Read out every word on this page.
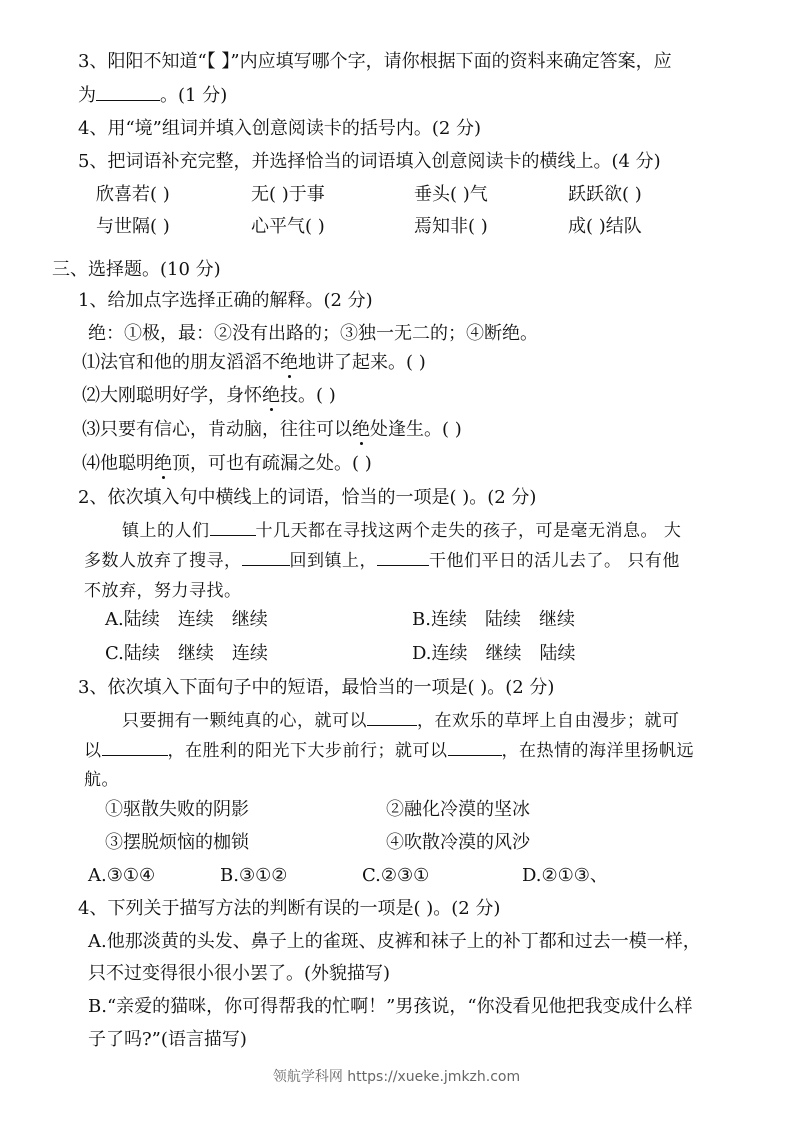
3、阳阳不知道“【 】”内应填写哪个字，请你根据下面的资料来确定答案，应
为	。(1 分)
4、用“境”组词并填入创意阅读卡的括号内。(2 分)
5、把词语补充完整，并选择恰当的词语填入创意阅读卡的横线上。(4 分)
欣喜若( )	无( )于事	垂头( )气	跃跃欲( )
与世隔( )	心平气( )	焉知非( )	成( )结队
三、选择题。(10 分)
1、给加点字选择正确的解释。(2 分)
绝：①极，最：②没有出路的；③独一无二的；④断绝。
⑴法官和他的朋友滔滔不绝地讲了起来。( )
⑵大刚聪明好学，身怀绝技。( )
⑶只要有信心，肯动脑，往往可以绝处逢生。( )
⑷他聪明绝顶，可也有疏漏之处。( )
2、依次填入句中横线上的词语，恰当的一项是( )。(2 分)
镇上的人们	十几天都在寻找这两个走失的孩子，可是毫无消息。 大
多数人放弃了搜寻，	回到镇上，	干他们平日的活儿去了。 只有他
不放弃，努力寻找。
A.陆续　连续　继续	B.连续　陆续　继续
C.陆续　继续　连续	D.连续　继续　陆续
3、依次填入下面句子中的短语，最恰当的一项是( )。(2 分)
只要拥有一颗纯真的心，就可以	，在欢乐的草坪上自由漫步；就可
以	，在胜利的阳光下大步前行；就可以	，在热情的海洋里扬帆远
航。
①驱散失败的阴影	②融化冷漠的坚冰
③摆脱烦恼的枷锁	④吹散冷漠的风沙
A.③①④	B.③①②	C.②③①	D.②①③、
4、下列关于描写方法的判断有误的一项是( )。(2 分)
A.他那淡黄的头发、鼻子上的雀斑、皮裤和袜子上的补丁都和过去一模一样，
只不过变得很小很小罢了。(外貌描写)
B.“亲爱的猫咪，你可得帮我的忙啊！”男孩说，“你没看见他把我变成什么样
子了吗?”(语言描写)
领航学科网 https://xueke.jmkzh.com
